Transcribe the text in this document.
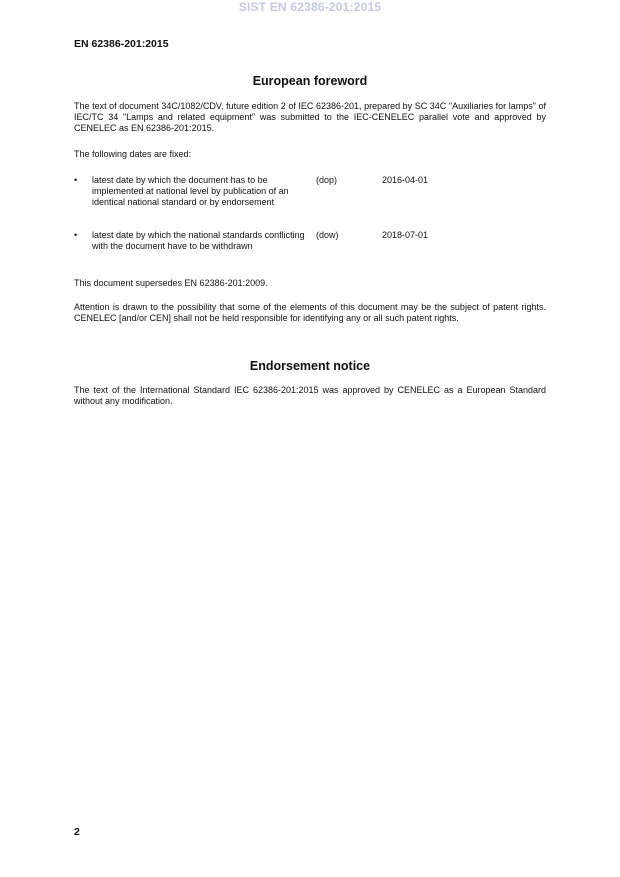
SIST EN 62386-201:2015
EN 62386-201:2015
European foreword
The text of document 34C/1082/CDV, future edition 2 of IEC 62386-201, prepared by SC 34C "Auxiliaries for lamps" of IEC/TC 34 "Lamps and related equipment" was submitted to the IEC-CENELEC parallel vote and approved by CENELEC as EN 62386-201:2015.
The following dates are fixed:
• latest date by which the document has to be implemented at national level by publication of an identical national standard or by endorsement
(dop)	2016-04-01
• latest date by which the national standards conflicting with the document have to be withdrawn
(dow)	2018-07-01
This document supersedes EN 62386-201:2009.
Attention is drawn to the possibility that some of the elements of this document may be the subject of patent rights. CENELEC [and/or CEN] shall not be held responsible for identifying any or all such patent rights.
Endorsement notice
The text of the International Standard IEC 62386-201:2015 was approved by CENELEC as a European Standard without any modification.
2
